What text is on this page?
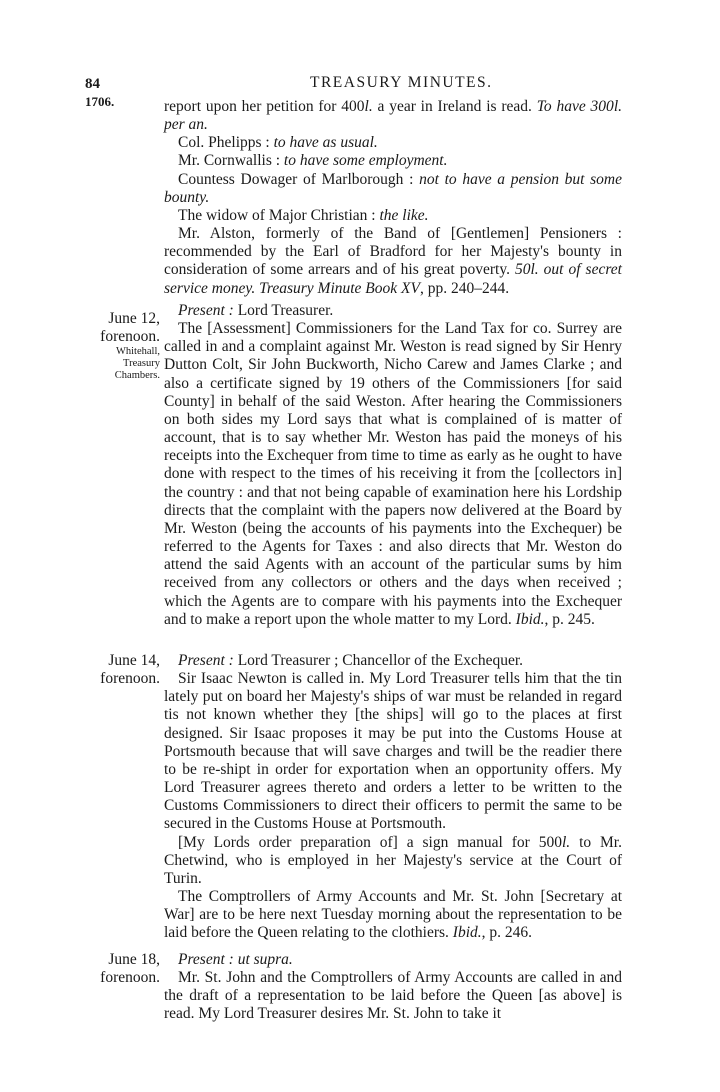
84	TREASURY MINUTES.
1706.	report upon her petition for 400l. a year in Ireland is read. To have 300l. per an.

Col. Phelipps : to have as usual.

Mr. Cornwallis : to have some employment.

Countess Dowager of Marlborough : not to have a pension but some bounty.

The widow of Major Christian : the like.

Mr. Alston, formerly of the Band of [Gentlemen] Pensioners : recommended by the Earl of Bradford for her Majesty's bounty in consideration of some arrears and of his great poverty. 50l. out of secret service money. Treasury Minute Book XV, pp. 240–244.

June 12,
forenoon.
Whitehall,
Treasury
Chambers.

Present : Lord Treasurer.

The [Assessment] Commissioners for the Land Tax for co. Surrey are called in and a complaint against Mr. Weston is read signed by Sir Henry Dutton Colt, Sir John Buckworth, Nicho Carew and James Clarke ; and also a certificate signed by 19 others of the Commissioners [for said County] in behalf of the said Weston. After hearing the Commissioners on both sides my Lord says that what is complained of is matter of account, that is to say whether Mr. Weston has paid the moneys of his receipts into the Exchequer from time to time as early as he ought to have done with respect to the times of his receiving it from the [collectors in] the country : and that not being capable of examination here his Lordship directs that the complaint with the papers now delivered at the Board by Mr. Weston (being the accounts of his payments into the Exchequer) be referred to the Agents for Taxes : and also directs that Mr. Weston do attend the said Agents with an account of the particular sums by him received from any collectors or others and the days when received ; which the Agents are to compare with his payments into the Exchequer and to make a report upon the whole matter to my Lord. Ibid., p. 245.

June 14,
forenoon.

Present : Lord Treasurer ; Chancellor of the Exchequer.

Sir Isaac Newton is called in. My Lord Treasurer tells him that the tin lately put on board her Majesty's ships of war must be relanded in regard tis not known whether they [the ships] will go to the places at first designed. Sir Isaac proposes it may be put into the Customs House at Portsmouth because that will save charges and twill be the readier there to be re-shipt in order for exportation when an opportunity offers. My Lord Treasurer agrees thereto and orders a letter to be written to the Customs Commissioners to direct their officers to permit the same to be secured in the Customs House at Portsmouth.

[My Lords order preparation of] a sign manual for 500l. to Mr. Chetwind, who is employed in her Majesty's service at the Court of Turin.

The Comptrollers of Army Accounts and Mr. St. John [Secretary at War] are to be here next Tuesday morning about the representation to be laid before the Queen relating to the clothiers. Ibid., p. 246.

June 18,
forenoon.

Present : ut supra.

Mr. St. John and the Comptrollers of Army Accounts are called in and the draft of a representation to be laid before the Queen [as above] is read. My Lord Treasurer desires Mr. St. John to take it
